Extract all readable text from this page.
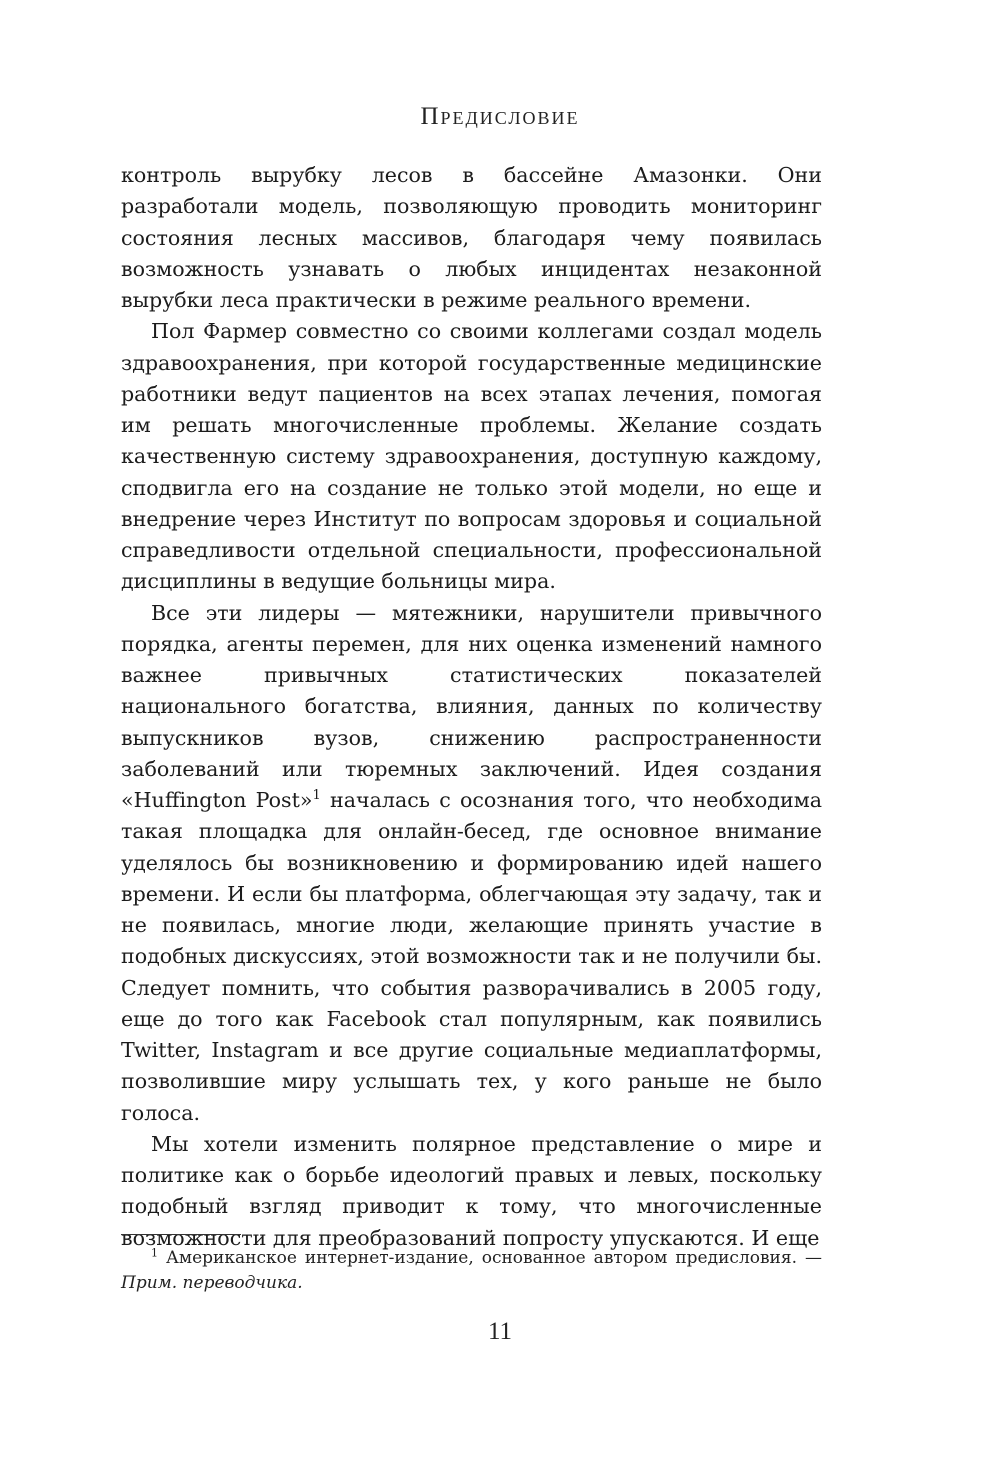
Предисловие

контроль вырубку лесов в бассейне Амазонки. Они разработали модель, позволяющую проводить мониторинг состояния лесных массивов, благодаря чему появилась возможность узнавать о любых инцидентах незаконной вырубки леса практически в режиме реального времени.

Пол Фармер совместно со своими коллегами создал модель здравоохранения, при которой государственные медицинские работники ведут пациентов на всех этапах лечения, помогая им решать многочисленные проблемы. Желание создать качественную систему здравоохранения, доступную каждому, сподвигла его на создание не только этой модели, но еще и внедрение через Институт по вопросам здоровья и социальной справедливости отдельной специальности, профессиональной дисциплины в ведущие больницы мира.

Все эти лидеры — мятежники, нарушители привычного порядка, агенты перемен, для них оценка изменений намного важнее привычных статистических показателей национального богатства, влияния, данных по количеству выпускников вузов, снижению распространенности заболеваний или тюремных заключений. Идея создания «Huffington Post»$^1$ началась с осознания того, что необходима такая площадка для онлайн-бесед, где основное внимание уделялось бы возникновению и формированию идей нашего времени. И если бы платформа, облегчающая эту задачу, так и не появилась, многие люди, желающие принять участие в подобных дискуссиях, этой возможности так и не получили бы. Следует помнить, что события разворачивались в 2005 году, еще до того как Facebook стал популярным, как появились Twitter, Instagram и все другие социальные медиаплатформы, позволившие миру услышать тех, у кого раньше не было голоса.

Мы хотели изменить полярное представление о мире и политике как о борьбе идеологий правых и левых, поскольку подобный взгляд приводит к тому, что многочисленные возможности для преобразований попросту упускаются. И еще

$^1$ Американское интернет-издание, основанное автором предисловия. — Прим. переводчика.
11
